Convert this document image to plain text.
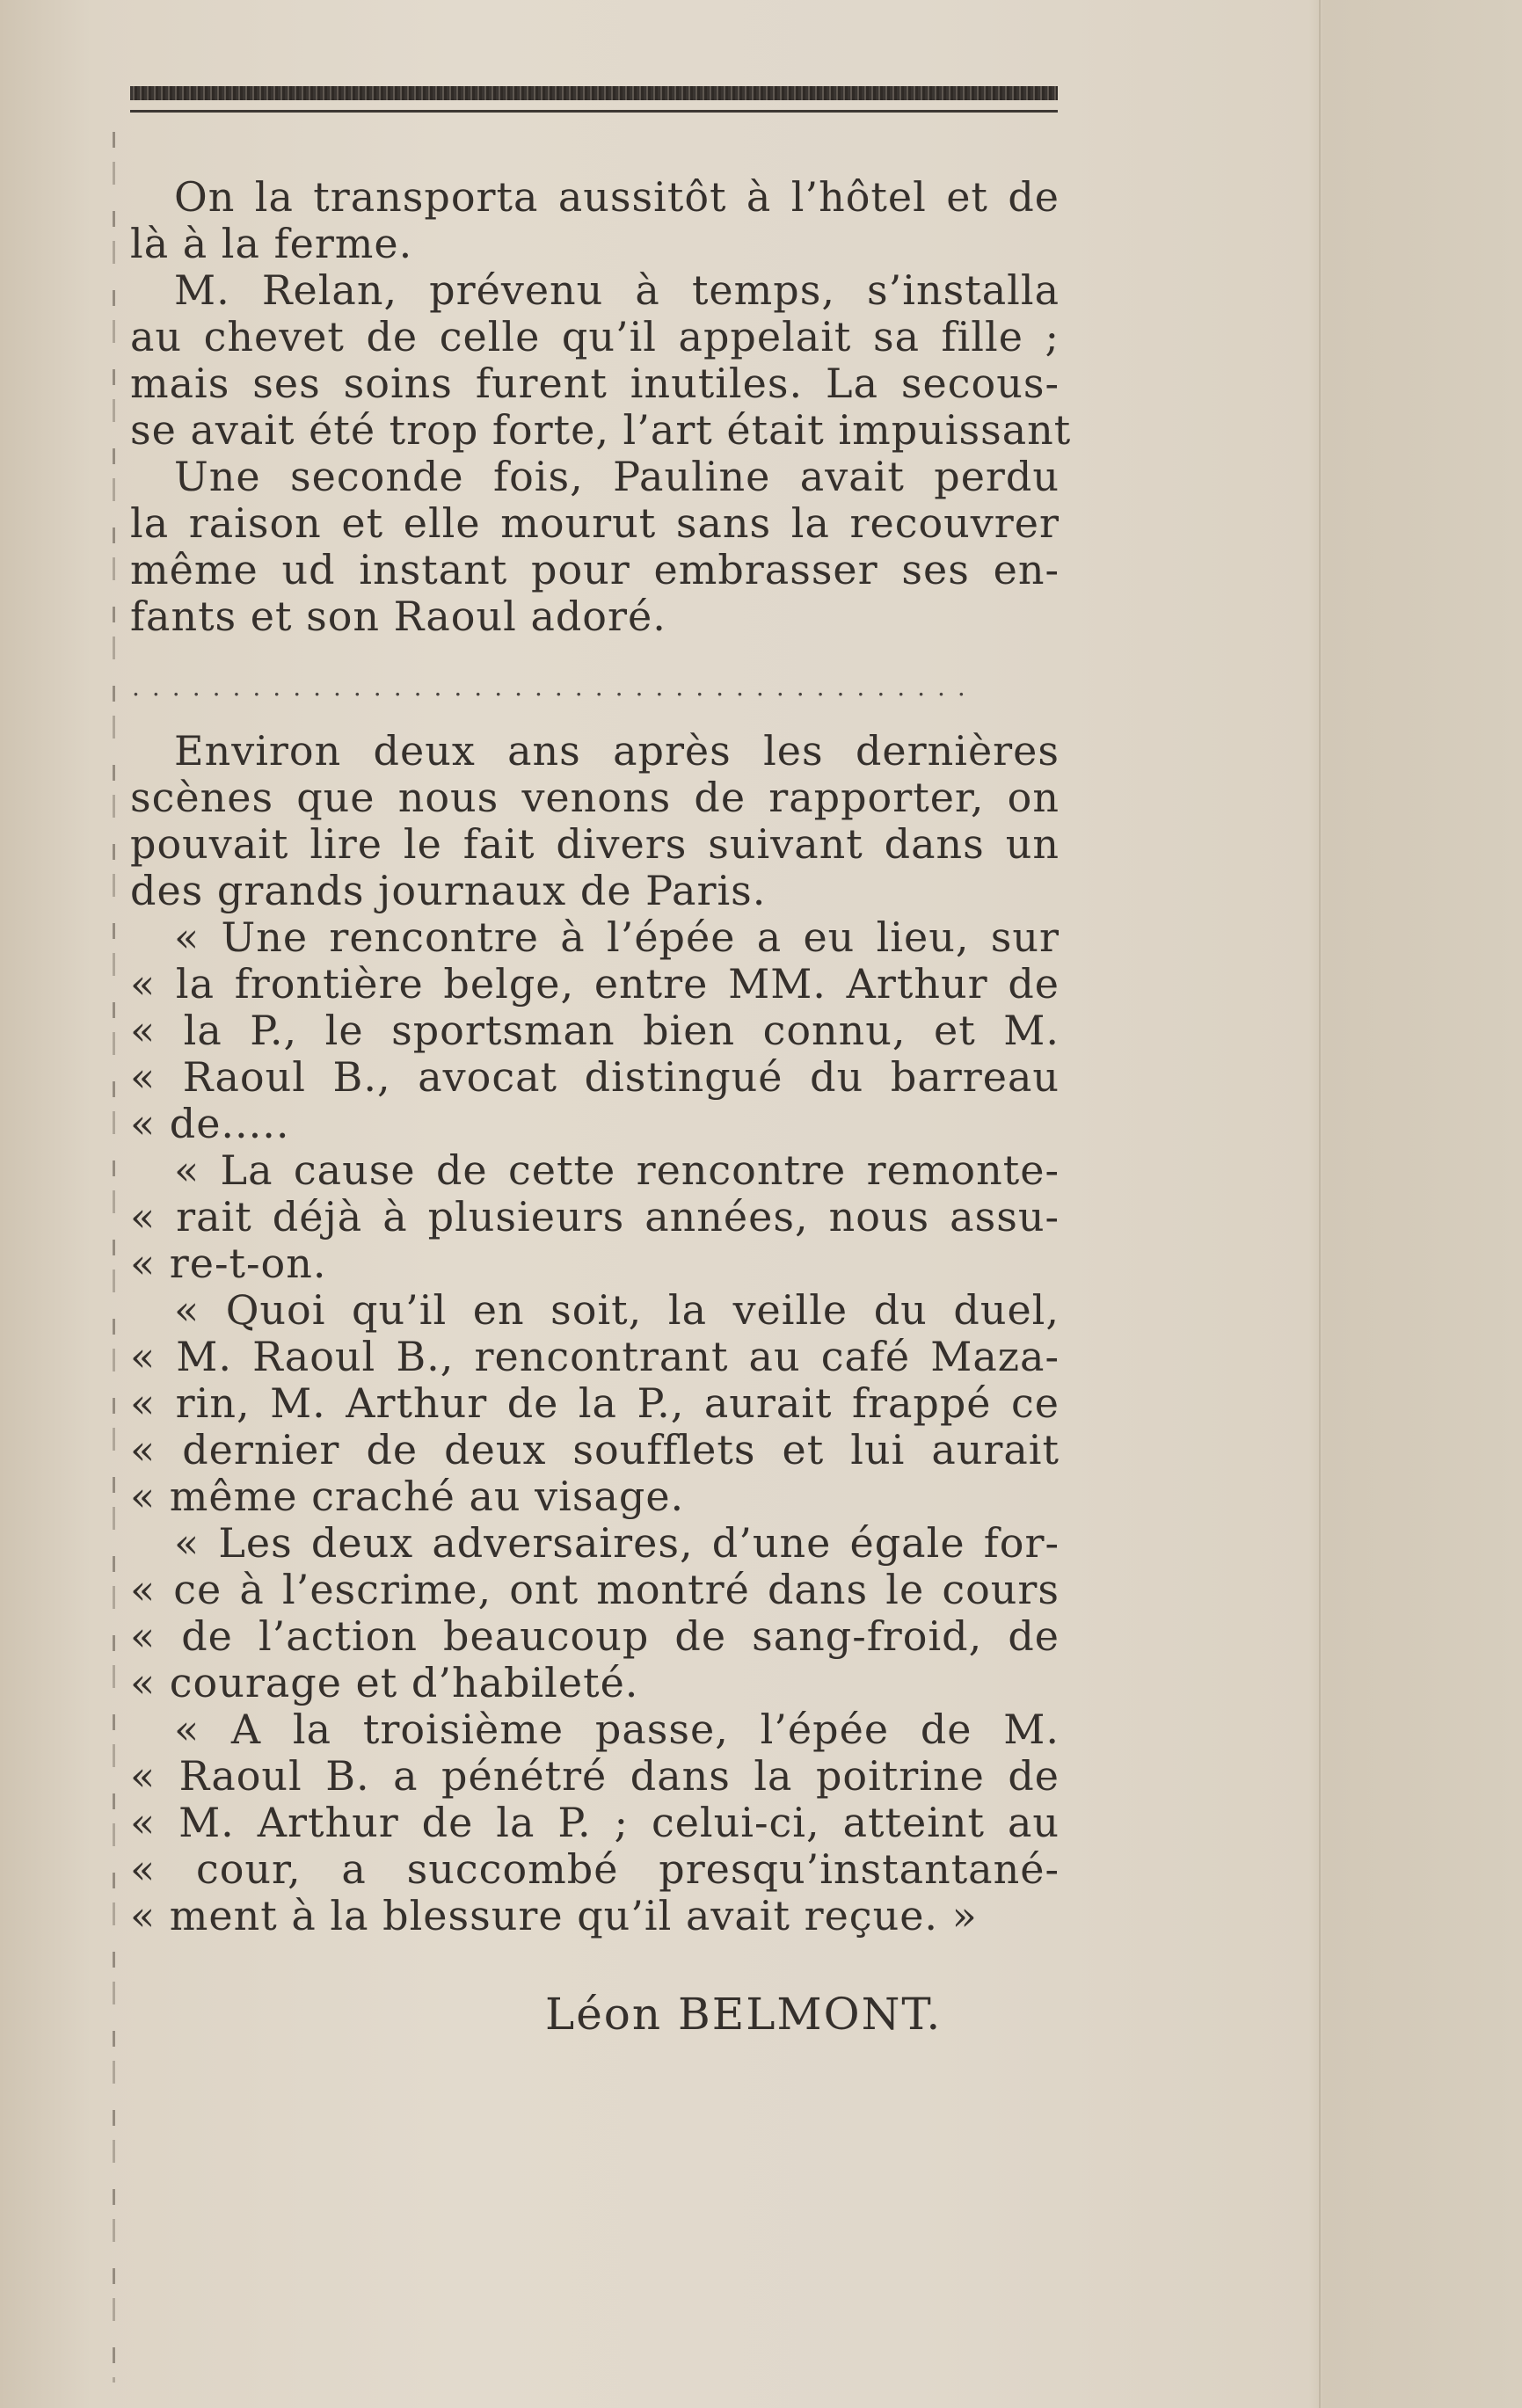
On la transporta aussitôt à l’hôtel et de
là à la ferme.
M. Relan, prévenu à temps, s’installa
au chevet de celle qu’il appelait sa fille ;
mais ses soins furent inutiles. La secous-
se avait été trop forte, l’art était impuissant
Une seconde fois, Pauline avait perdu
la raison et elle mourut sans la recouvrer
même ud instant pour embrasser ses en-
fants et son Raoul adoré.
..........................................
Environ deux ans après les dernières
scènes que nous venons de rapporter, on
pouvait lire le fait divers suivant dans un
des grands journaux de Paris.
« Une rencontre à l’épée a eu lieu, sur
« la frontière belge, entre MM. Arthur de
« la P., le sportsman bien connu, et M.
« Raoul B., avocat distingué du barreau
« de.....
« La cause de cette rencontre remonte-
« rait déjà à plusieurs années, nous assu-
« re-t-on.
« Quoi qu’il en soit, la veille du duel,
« M. Raoul B., rencontrant au café Maza-
« rin, M. Arthur de la P., aurait frappé ce
« dernier de deux soufflets et lui aurait
« même craché au visage.
« Les deux adversaires, d’une égale for-
« ce à l’escrime, ont montré dans le cours
« de l’action beaucoup de sang-froid, de
« courage et d’habileté.
« A la troisième passe, l’épée de M.
« Raoul B. a pénétré dans la poitrine de
« M. Arthur de la P. ; celui-ci, atteint au
« cour, a succombé presqu’instantané-
« ment à la blessure qu’il avait reçue. »
Léon BELMONT.
